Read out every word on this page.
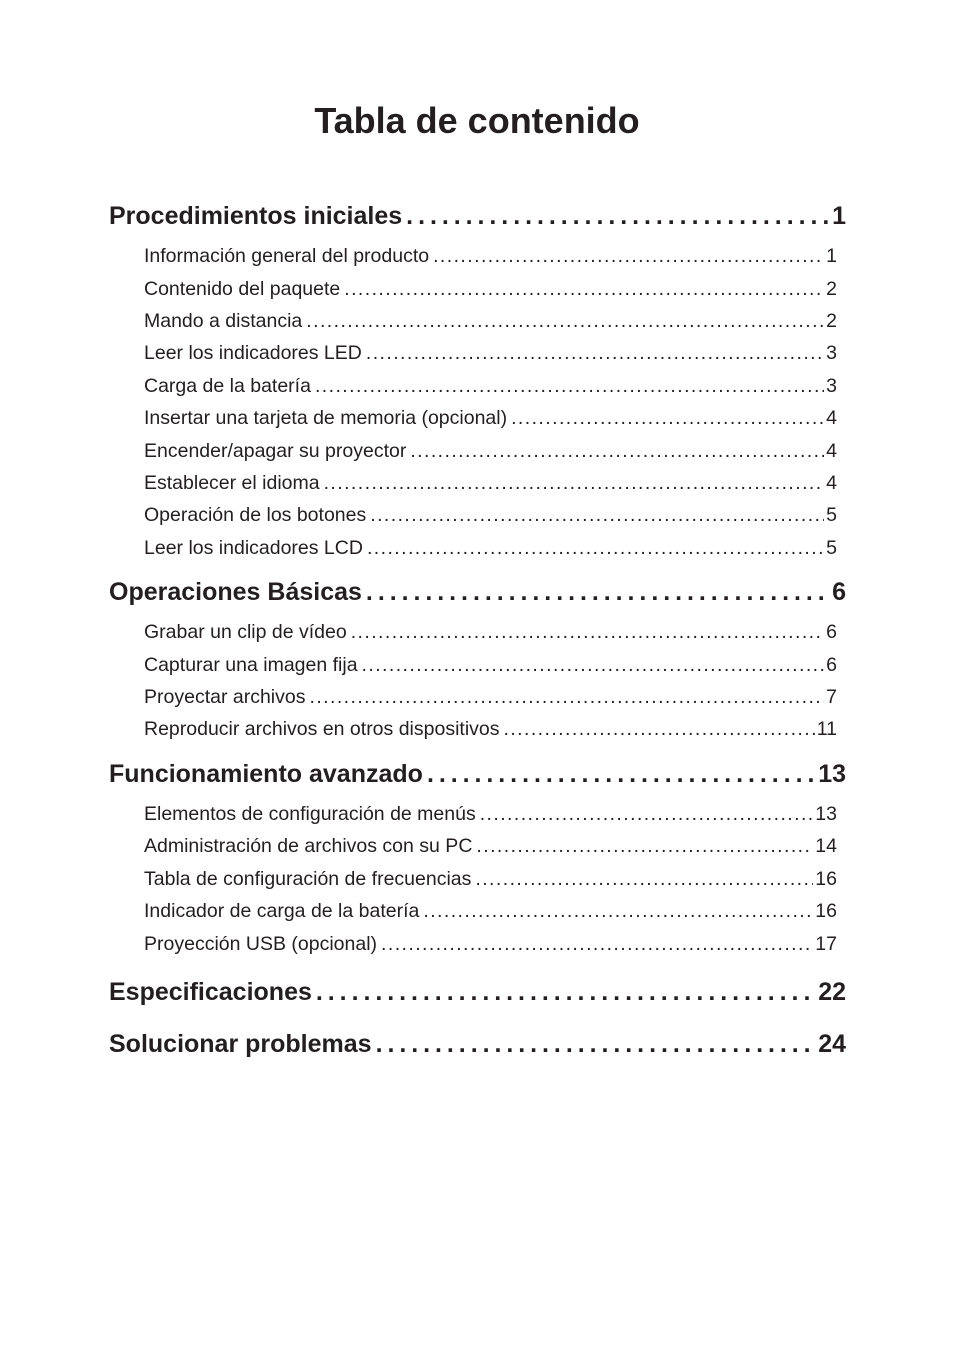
Tabla de contenido
Procedimientos iniciales . . .	1
Información general del producto . . .	1
Contenido del paquete . . .	2
Mando a distancia . . .	2
Leer los indicadores LED . . .	3
Carga de la batería . . .	3
Insertar una tarjeta de memoria (opcional) . . .	4
Encender/apagar su proyector . . .	4
Establecer el idioma . . .	4
Operación de los botones . . .	5
Leer los indicadores LCD . . .	5
Operaciones Básicas . . .	6
Grabar un clip de vídeo . . .	6
Capturar una imagen fija . . .	6
Proyectar archivos . . .	7
Reproducir archivos en otros dispositivos . . .	11
Funcionamiento avanzado . . .	13
Elementos de configuración de menús . . .	13
Administración de archivos con su PC . . .	14
Tabla de configuración de frecuencias . . .	16
Indicador de carga de la batería . . .	16
Proyección USB (opcional) . . .	17
Especificaciones . . .	22
Solucionar problemas . . .	24
